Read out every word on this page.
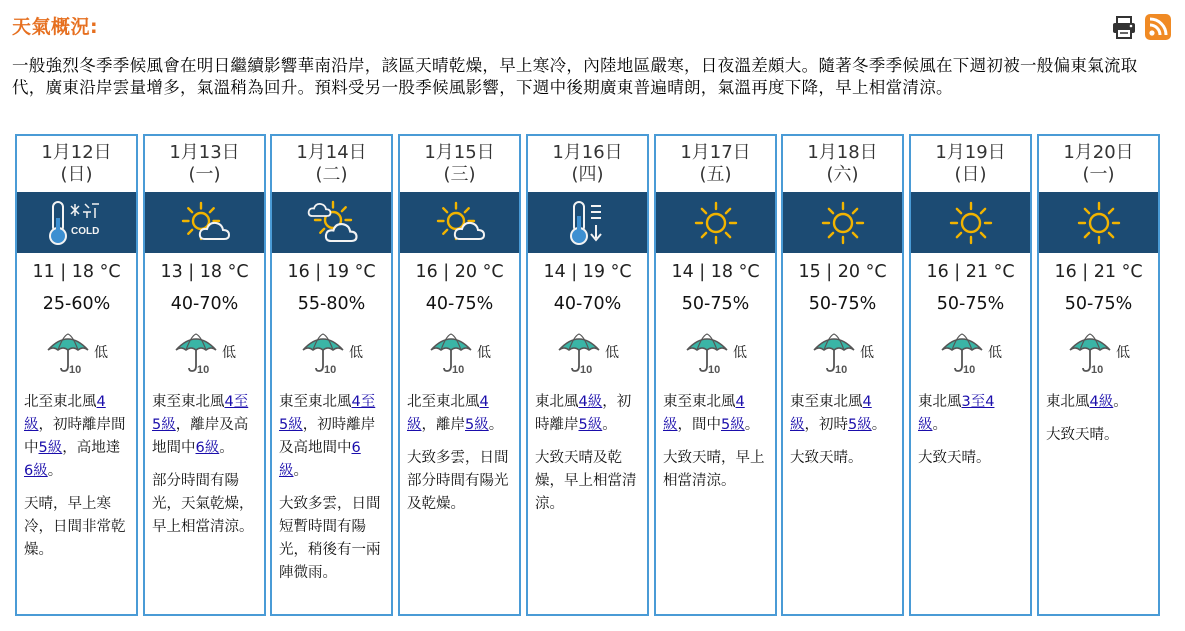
天氣概況:
一般強烈冬季季候風會在明日繼續影響華南沿岸，該區天晴乾燥，早上寒冷，內陸地區嚴寒，日夜溫差頗大。隨著冬季季候風在下週初被一般偏東氣流取代，廣東沿岸雲量增多，氣溫稍為回升。預料受另一股季候風影響，下週中後期廣東普遍晴朗，氣溫再度下降，早上相當清涼。
1月12日
(日)
COLD
11 | 18 °C
25-60%
10
低
北至東北風4級，初時離岸間中5級，高地達6級。
天晴，早上寒冷，日間非常乾燥。
1月13日
(一)
13 | 18 °C
40-70%
10
低
東至東北風4至5級，離岸及高地間中6級。
部分時間有陽光，天氣乾燥，早上相當清涼。
1月14日
(二)
16 | 19 °C
55-80%
10
低
東至東北風4至5級，初時離岸及高地間中6級。
大致多雲，日間短暫時間有陽光，稍後有一兩陣微雨。
1月15日
(三)
16 | 20 °C
40-75%
10
低
北至東北風4級，離岸5級。
大致多雲，日間部分時間有陽光及乾燥。
1月16日
(四)
14 | 19 °C
40-70%
10
低
東北風4級，初時離岸5級。
大致天晴及乾燥，早上相當清涼。
1月17日
(五)
14 | 18 °C
50-75%
10
低
東至東北風4級，間中5級。
大致天晴，早上相當清涼。
1月18日
(六)
15 | 20 °C
50-75%
10
低
東至東北風4級，初時5級。
大致天晴。
1月19日
(日)
16 | 21 °C
50-75%
10
低
東北風3至4級。
大致天晴。
1月20日
(一)
16 | 21 °C
50-75%
10
低
東北風4級。
大致天晴。
